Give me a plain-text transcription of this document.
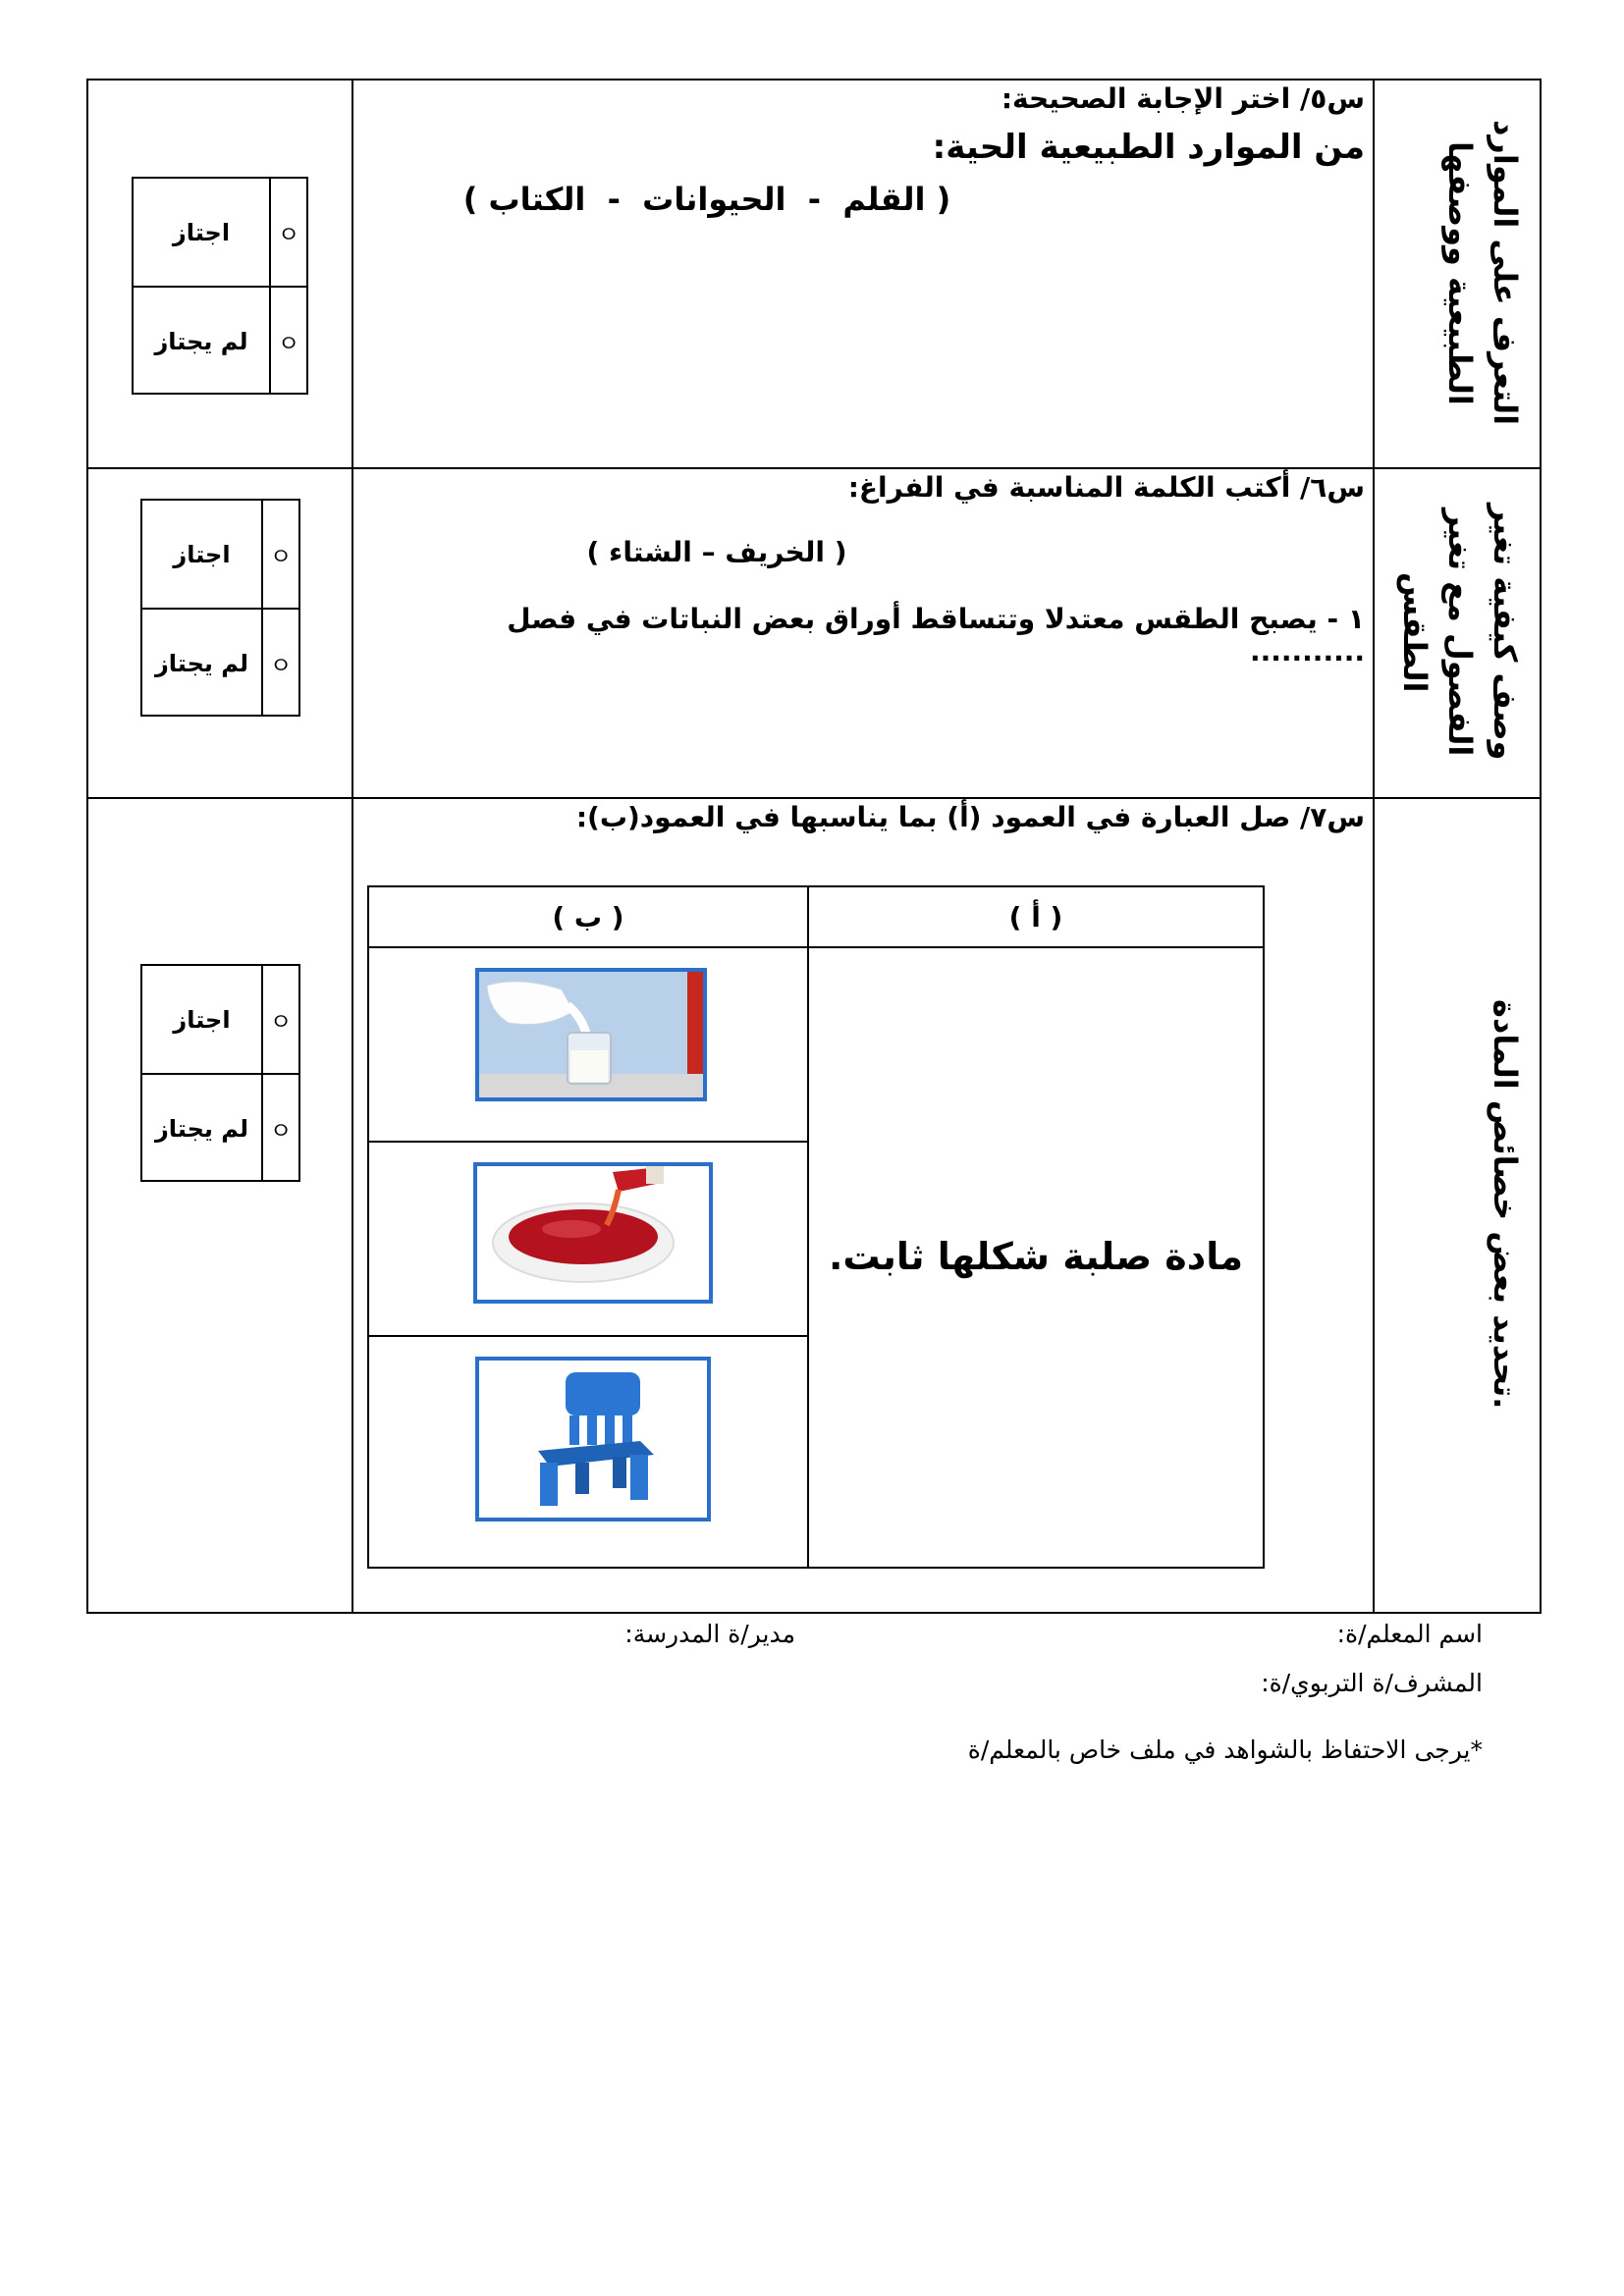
التعرف على الموارد الطبيعية ووصفها
س٥/ اختر الإجابة الصحيحة:
من الموارد الطبيعية الحية:
( القلم  -  الحيوانات  -  الكتاب )
ㅇ
اجتاز
ㅇ
لم يجتاز
وصف كيفية تغير الفصول مع تغير الطقس
س٦/ أكتب الكلمة المناسبة في الفراغ:
( الخريف – الشتاء )
١ - يصبح الطقس معتدلا وتتساقط أوراق بعض النباتات في فصل ...........
ㅇ
اجتاز
ㅇ
لم يجتاز
تحديد بعض خصائص المادة.
س٧/ صل العبارة في العمود (أ) بما يناسبها في العمود(ب):
( ب )	( أ )
مادة صلبة شكلها ثابت.
ㅇ
اجتاز
ㅇ
لم يجتاز
اسم المعلم/ة:
مدير/ة المدرسة:
المشرف/ة التربوي/ة:
*يرجى الاحتفاظ بالشواهد في ملف خاص بالمعلم/ة
